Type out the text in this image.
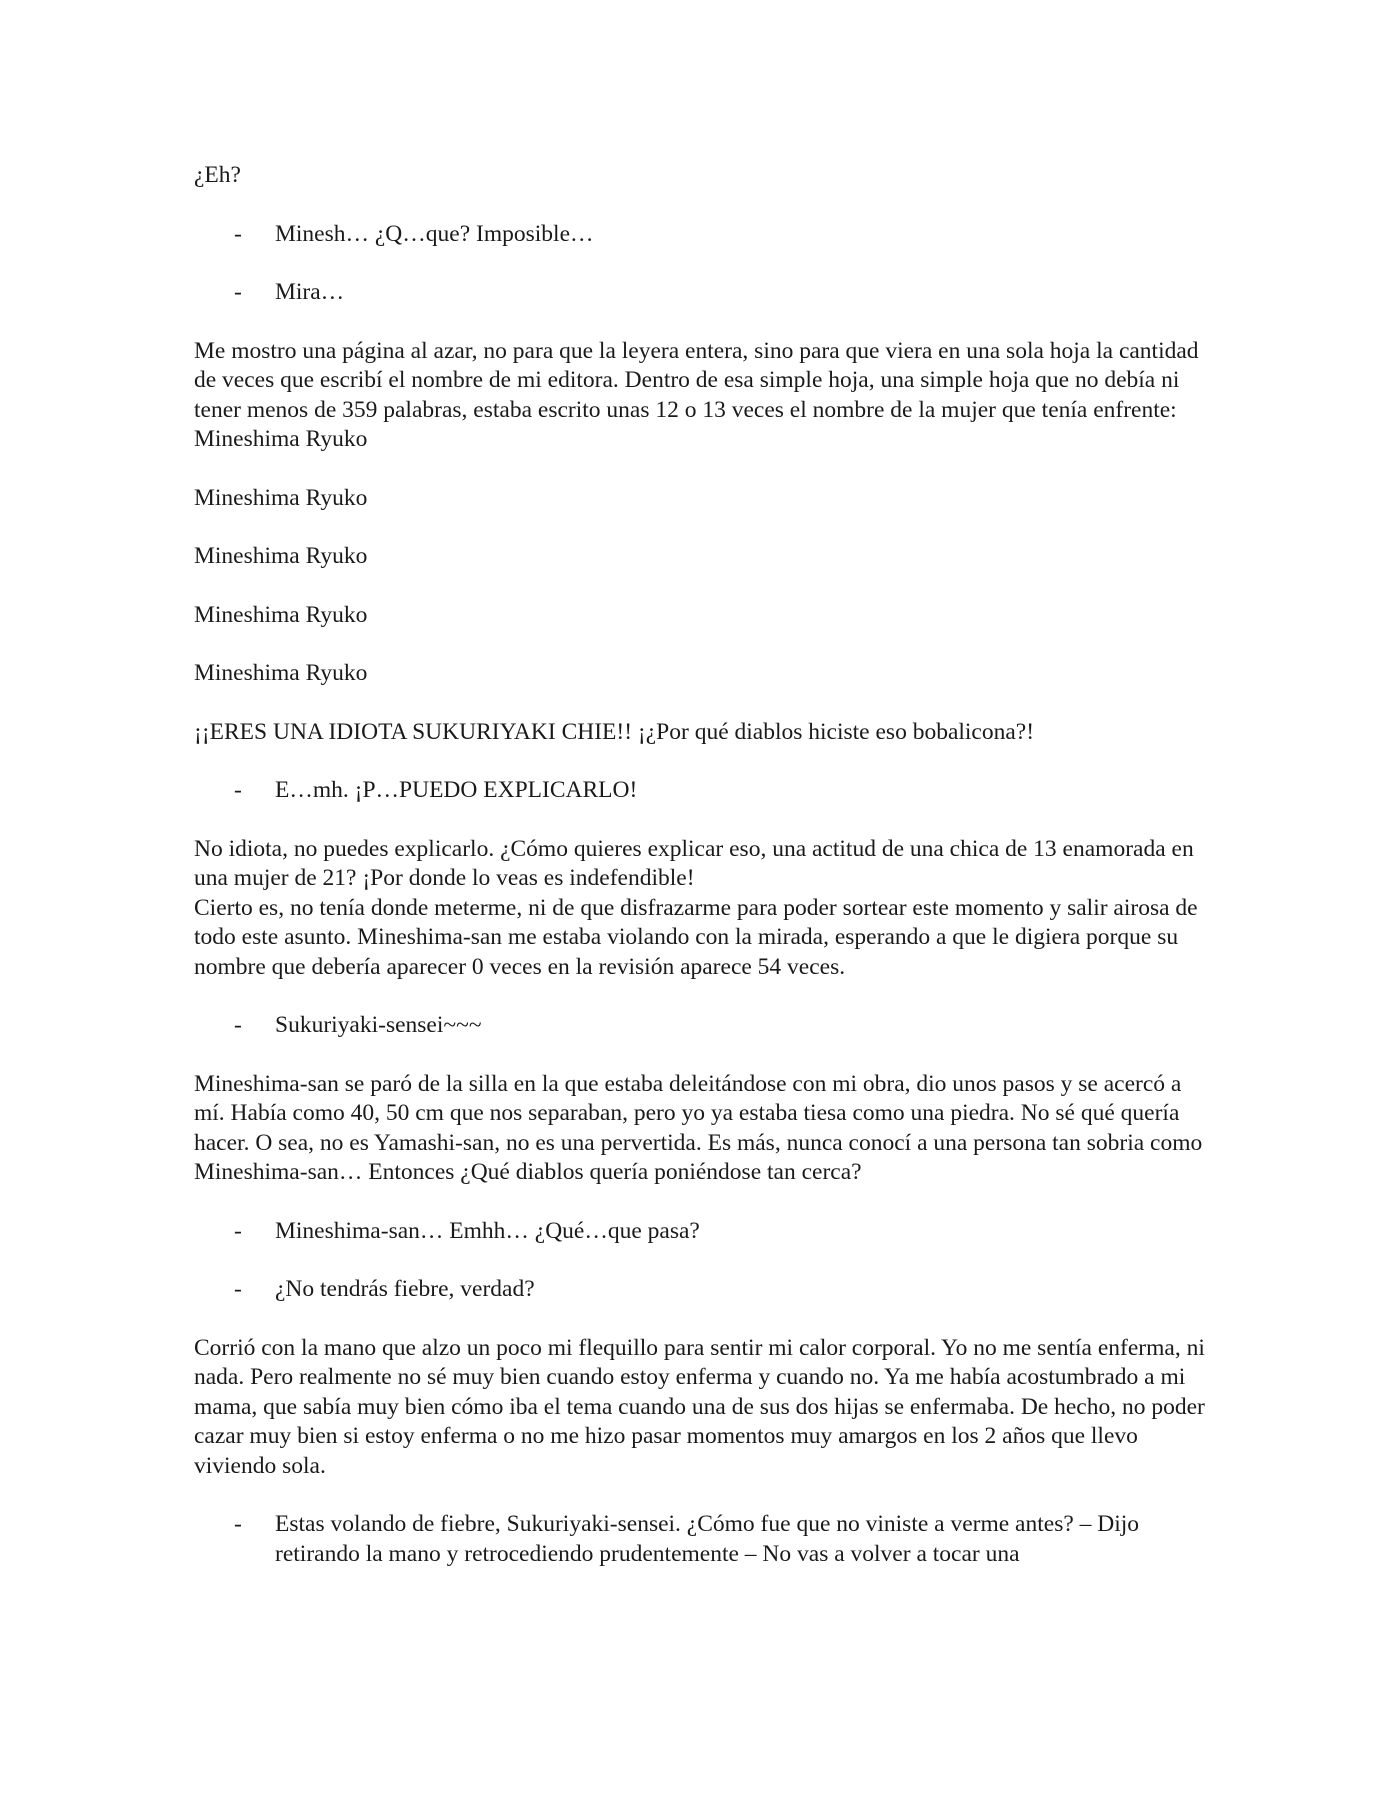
¿Eh?

- Minesh… ¿Q…que? Imposible…
- Mira…

Me mostro una página al azar, no para que la leyera entera, sino para que viera en una sola hoja la cantidad de veces que escribí el nombre de mi editora. Dentro de esa simple hoja, una simple hoja que no debía ni tener menos de 359 palabras, estaba escrito unas 12 o 13 veces el nombre de la mujer que tenía enfrente: Mineshima Ryuko

Mineshima Ryuko

Mineshima Ryuko

Mineshima Ryuko

Mineshima Ryuko

¡¡ERES UNA IDIOTA SUKURIYAKI CHIE!! ¡¿Por qué diablos hiciste eso bobalicona?!

- E…mh. ¡P…PUEDO EXPLICARLO!

No idiota, no puedes explicarlo. ¿Cómo quieres explicar eso, una actitud de una chica de 13 enamorada en una mujer de 21? ¡Por donde lo veas es indefendible!

Cierto es, no tenía donde meterme, ni de que disfrazarme para poder sortear este momento y salir airosa de todo este asunto. Mineshima-san me estaba violando con la mirada, esperando a que le digiera porque su nombre que debería aparecer 0 veces en la revisión aparece 54 veces.

- Sukuriyaki-sensei~~~

Mineshima-san se paró de la silla en la que estaba deleitándose con mi obra, dio unos pasos y se acercó a mí. Había como 40, 50 cm que nos separaban, pero yo ya estaba tiesa como una piedra. No sé qué quería hacer. O sea, no es Yamashi-san, no es una pervertida. Es más, nunca conocí a una persona tan sobria como Mineshima-san… Entonces ¿Qué diablos quería poniéndose tan cerca?

- Mineshima-san… Emhh… ¿Qué…que pasa?
- ¿No tendrás fiebre, verdad?

Corrió con la mano que alzo un poco mi flequillo para sentir mi calor corporal. Yo no me sentía enferma, ni nada. Pero realmente no sé muy bien cuando estoy enferma y cuando no. Ya me había acostumbrado a mi mama, que sabía muy bien cómo iba el tema cuando una de sus dos hijas se enfermaba. De hecho, no poder cazar muy bien si estoy enferma o no me hizo pasar momentos muy amargos en los 2 años que llevo viviendo sola.

- Estas volando de fiebre, Sukuriyaki-sensei. ¿Cómo fue que no viniste a verme antes? – Dijo retirando la mano y retrocediendo prudentemente – No vas a volver a tocar una
